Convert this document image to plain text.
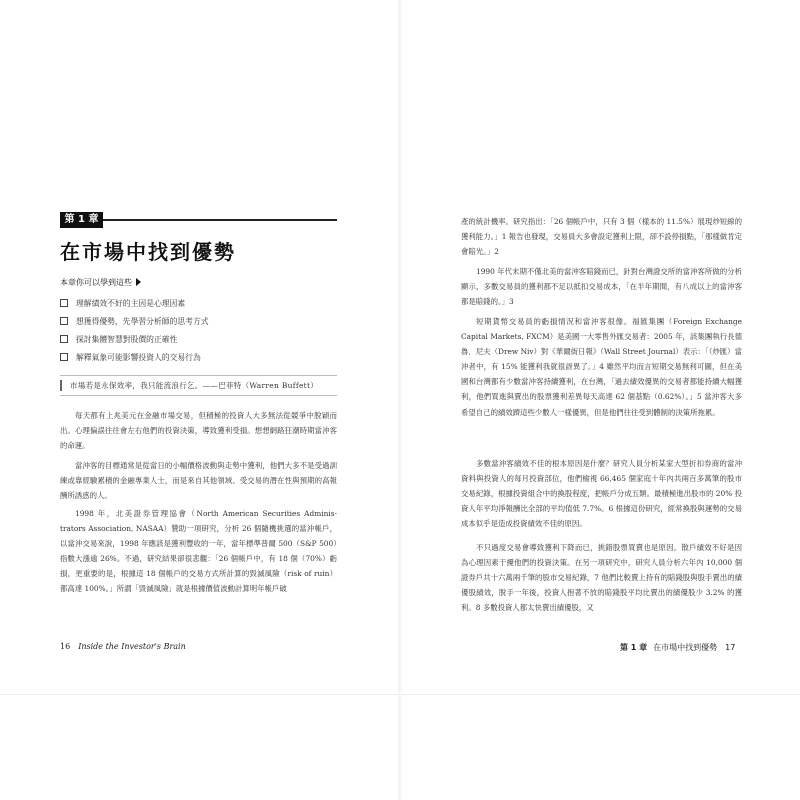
第 1 章
在市場中找到優勢
本章你可以學到這些
理解績效不好的主因是心理因素
想獲得優勢，先學習分析師的思考方式
探討集體智慧對股價的正確性
解釋氣象可能影響投資人的交易行為
市場若是永保效率，我只能流浪行乞。——巴菲特（Warren Buffett）

每天都有上兆美元在金融市場交易，但積極的投資人大多無法從競爭中脫穎而出。心理偏誤往往會左右他們的投資決策，導致獲利受損。想想網路狂潮時期當沖客的命運。

當沖客的目標通常是從當日的小幅價格波動與走勢中獲利，他們大多不是受過訓練或靠經驗累積的金融專業人士，而是來自其他領域、受交易的潛在性與預期的高報酬所誘惑的人。

1998 年，北美證券管理協會（North American Securities Adminis-trators Association, NASAA）贊助一項研究，分析 26 個隨機挑選的當沖帳戶，以當沖交易來說，1998 年應該是獲利豐收的一年，當年標準普爾 500（S&P 500）指數大漲逾 26%。不過，研究結果卻很悲觀：「26 個帳戶中，有 18 個（70%）虧損，更重要的是，根據這 18 個帳戶的交易方式所計算的毀滅風險（risk of ruin）都高達 100%。」所謂「毀滅風險」就是根據價值波動計算明年帳戶破

產的統計機率。研究指出：「26 個帳戶中，只有 3 個（樣本的 11.5%）展現炒短線的獲利能力。」1 報告也發現，交易員大多會設定獲利上限，卻不設停損點，「那樣做肯定會賠光。」2

1990 年代末期不僅北美的當沖客賠錢而已，針對台灣證交所的當沖客所做的分析顯示，多數交易員的獲利都不足以抵扣交易成本，「在半年期間，有八成以上的當沖客都是賠錢的。」3

短期貨幣交易員的虧損情況和當沖客很像。福匯集團（Foreign Exchange Capital Markets, FXCM）是美國一大零售外匯交易者：2005 年，該集團執行長德魯．尼夫（Drew Niv）對《華爾街日報》（Wall Street Journal）表示：「（炒匯）當沖者中，有 15% 能獲利我就很訝異了。」4 雖然平均而言短期交易無利可圖，但在美國和台灣都有少數當沖客持續獲利，在台灣，「過去績效優異的交易者都能持續大幅獲利，他們買進與賣出的股票獲利差異每天高達 62 個基點（0.62%）。」5 當沖客大多希望自己的績效躋這些少數人一樣優異，但是他們往往受到體制的決策所拖累。

多數當沖客績效不佳的根本原因是什麼？研究人員分析某家大型折扣券商的當沖資料與投資人的每月投資部位，他們檢視 66,465 個家庭十年內共兩百多萬筆的股市交易紀錄，根據投資組合中的換股程度，把帳戶分成五類。最積極進出股市的 20% 投資人年平均淨報酬比全部的平均值低 7.7%。6 根據這份研究，經常換股與運勢的交易成本似乎是造成投資績效不佳的原因。

不只過度交易會導致獲利下降而已，挑錯股票買賣也是原因。散戶績效不好是因為心理因素干擾他們的投資決策。在另一項研究中，研究人員分析六年內 10,000 個證券戶共十六萬兩千筆的股市交易紀錄，7 他們比較賣上持有的賠錢股與股手賣出的績優股績效，脫手一年後，投資人抱著不放的賠錢股平均比賣出的績優股少 3.2% 的獲利。8 多數投資人都太快賣出績優股，又

16 Inside the Investor's Brain	第 1 章 在市場中找到優勢 17
